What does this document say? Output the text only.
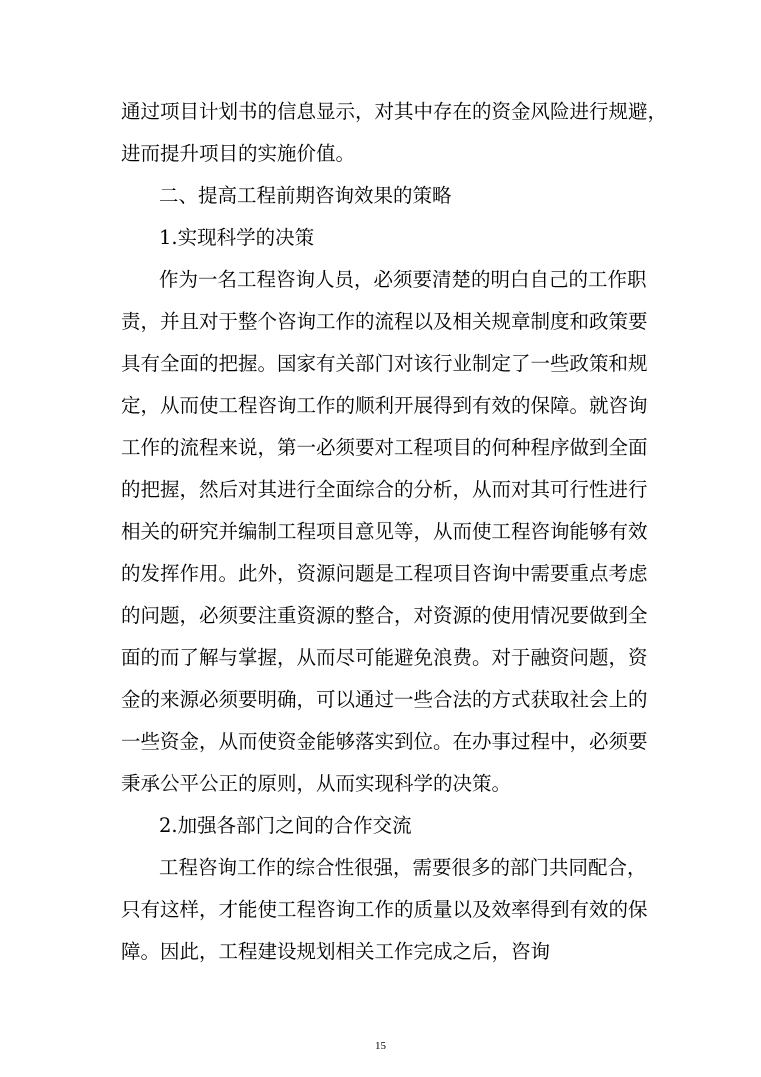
通过项目计划书的信息显示，对其中存在的资金风险进行规避，
进而提升项目的实施价值。
二、提高工程前期咨询效果的策略
1.实现科学的决策
作为一名工程咨询人员，必须要清楚的明白自己的工作职
责，并且对于整个咨询工作的流程以及相关规章制度和政策要
具有全面的把握。国家有关部门对该行业制定了一些政策和规
定，从而使工程咨询工作的顺利开展得到有效的保障。就咨询
工作的流程来说，第一必须要对工程项目的何种程序做到全面
的把握，然后对其进行全面综合的分析，从而对其可行性进行
相关的研究并编制工程项目意见等，从而使工程咨询能够有效
的发挥作用。此外，资源问题是工程项目咨询中需要重点考虑
的问题，必须要注重资源的整合，对资源的使用情况要做到全
面的而了解与掌握，从而尽可能避免浪费。对于融资问题，资
金的来源必须要明确，可以通过一些合法的方式获取社会上的
一些资金，从而使资金能够落实到位。在办事过程中，必须要
秉承公平公正的原则，从而实现科学的决策。
2.加强各部门之间的合作交流
工程咨询工作的综合性很强，需要很多的部门共同配合，
只有这样，才能使工程咨询工作的质量以及效率得到有效的保
障。因此，工程建设规划相关工作完成之后，咨询
15
